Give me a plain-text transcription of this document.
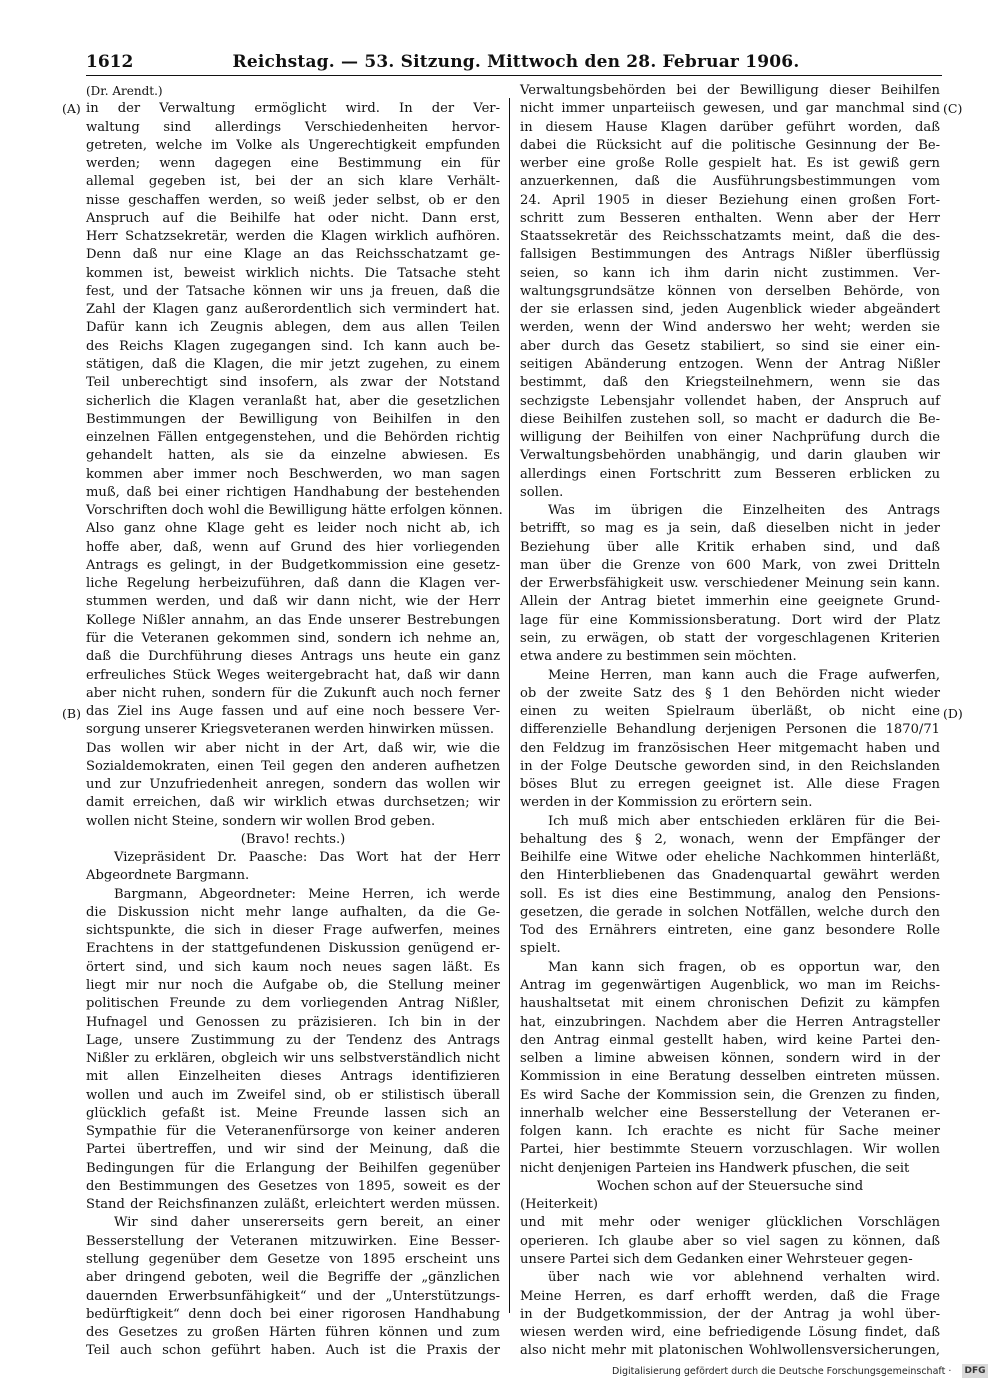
1612	Reichstag. — 53. Sitzung. Mittwoch den 28. Februar 1906.
(A)
(B)
(C)
(D)
(Dr. Arendt.)
in der Verwaltung ermöglicht wird. In der Ver-
waltung sind allerdings Verschiedenheiten hervor-
getreten, welche im Volke als Ungerechtigkeit empfunden
werden; wenn dagegen eine Bestimmung ein für
allemal gegeben ist, bei der an sich klare Verhält-
nisse geschaffen werden, so weiß jeder selbst, ob er den
Anspruch auf die Beihilfe hat oder nicht. Dann erst,
Herr Schatzsekretär, werden die Klagen wirklich aufhören.
Denn daß nur eine Klage an das Reichsschatzamt ge-
kommen ist, beweist wirklich nichts. Die Tatsache steht
fest, und der Tatsache können wir uns ja freuen, daß die
Zahl der Klagen ganz außerordentlich sich vermindert hat.
Dafür kann ich Zeugnis ablegen, dem aus allen Teilen
des Reichs Klagen zugegangen sind. Ich kann auch be-
stätigen, daß die Klagen, die mir jetzt zugehen, zu einem
Teil unberechtigt sind insofern, als zwar der Notstand
sicherlich die Klagen veranlaßt hat, aber die gesetzlichen
Bestimmungen der Bewilligung von Beihilfen in den
einzelnen Fällen entgegenstehen, und die Behörden richtig
gehandelt hatten, als sie da einzelne abwiesen. Es
kommen aber immer noch Beschwerden, wo man sagen
muß, daß bei einer richtigen Handhabung der bestehenden
Vorschriften doch wohl die Bewilligung hätte erfolgen können.
Also ganz ohne Klage geht es leider noch nicht ab, ich
hoffe aber, daß, wenn auf Grund des hier vorliegenden
Antrags es gelingt, in der Budgetkommission eine gesetz-
liche Regelung herbeizuführen, daß dann die Klagen ver-
stummen werden, und daß wir dann nicht, wie der Herr
Kollege Nißler annahm, an das Ende unserer Bestrebungen
für die Veteranen gekommen sind, sondern ich nehme an,
daß die Durchführung dieses Antrags uns heute ein ganz
erfreuliches Stück Weges weitergebracht hat, daß wir dann
aber nicht ruhen, sondern für die Zukunft auch noch ferner
das Ziel ins Auge fassen und auf eine noch bessere Ver-
sorgung unserer Kriegsveteranen werden hinwirken müssen.
Das wollen wir aber nicht in der Art, daß wir, wie die
Sozialdemokraten, einen Teil gegen den anderen aufhetzen
und zur Unzufriedenheit anregen, sondern das wollen wir
damit erreichen, daß wir wirklich etwas durchsetzen; wir
wollen nicht Steine, sondern wir wollen Brod geben.
(Bravo! rechts.)
Vizepräsident Dr. Paasche: Das Wort hat der Herr
Abgeordnete Bargmann.
Bargmann, Abgeordneter: Meine Herren, ich werde
die Diskussion nicht mehr lange aufhalten, da die Ge-
sichtspunkte, die sich in dieser Frage aufwerfen, meines
Erachtens in der stattgefundenen Diskussion genügend er-
örtert sind, und sich kaum noch neues sagen läßt. Es
liegt mir nur noch die Aufgabe ob, die Stellung meiner
politischen Freunde zu dem vorliegenden Antrag Nißler,
Hufnagel und Genossen zu präzisieren. Ich bin in der
Lage, unsere Zustimmung zu der Tendenz des Antrags
Nißler zu erklären, obgleich wir uns selbstverständlich nicht
mit allen Einzelheiten dieses Antrags identifizieren
wollen und auch im Zweifel sind, ob er stilistisch überall
glücklich gefaßt ist. Meine Freunde lassen sich an
Sympathie für die Veteranenfürsorge von keiner anderen
Partei übertreffen, und wir sind der Meinung, daß die
Bedingungen für die Erlangung der Beihilfen gegenüber
den Bestimmungen des Gesetzes von 1895, soweit es der
Stand der Reichsfinanzen zuläßt, erleichtert werden müssen.
Wir sind daher unsererseits gern bereit, an einer
Besserstellung der Veteranen mitzuwirken. Eine Besser-
stellung gegenüber dem Gesetze von 1895 erscheint uns
aber dringend geboten, weil die Begriffe der „gänzlichen
dauernden Erwerbsunfähigkeit“ und der „Unterstützungs-
bedürftigkeit“ denn doch bei einer rigorosen Handhabung
des Gesetzes zu großen Härten führen können und zum
Teil auch schon geführt haben. Auch ist die Praxis der
Verwaltungsbehörden bei der Bewilligung dieser Beihilfen
nicht immer unparteiisch gewesen, und gar manchmal sind
in diesem Hause Klagen darüber geführt worden, daß
dabei die Rücksicht auf die politische Gesinnung der Be-
werber eine große Rolle gespielt hat. Es ist gewiß gern
anzuerkennen, daß die Ausführungsbestimmungen vom
24. April 1905 in dieser Beziehung einen großen Fort-
schritt zum Besseren enthalten. Wenn aber der Herr
Staatssekretär des Reichsschatzamts meint, daß die des-
fallsigen Bestimmungen des Antrags Nißler überflüssig
seien, so kann ich ihm darin nicht zustimmen. Ver-
waltungsgrundsätze können von derselben Behörde, von
der sie erlassen sind, jeden Augenblick wieder abgeändert
werden, wenn der Wind anderswo her weht; werden sie
aber durch das Gesetz stabiliert, so sind sie einer ein-
seitigen Abänderung entzogen. Wenn der Antrag Nißler
bestimmt, daß den Kriegsteilnehmern, wenn sie das
sechzigste Lebensjahr vollendet haben, der Anspruch auf
diese Beihilfen zustehen soll, so macht er dadurch die Be-
willigung der Beihilfen von einer Nachprüfung durch die
Verwaltungsbehörden unabhängig, und darin glauben wir
allerdings einen Fortschritt zum Besseren erblicken zu
sollen.
Was im übrigen die Einzelheiten des Antrags
betrifft, so mag es ja sein, daß dieselben nicht in jeder
Beziehung über alle Kritik erhaben sind, und daß
man über die Grenze von 600 Mark, von zwei Dritteln
der Erwerbsfähigkeit usw. verschiedener Meinung sein kann.
Allein der Antrag bietet immerhin eine geeignete Grund-
lage für eine Kommissionsberatung. Dort wird der Platz
sein, zu erwägen, ob statt der vorgeschlagenen Kriterien
etwa andere zu bestimmen sein möchten.
Meine Herren, man kann auch die Frage aufwerfen,
ob der zweite Satz des § 1 den Behörden nicht wieder
einen zu weiten Spielraum überläßt, ob nicht eine
differenzielle Behandlung derjenigen Personen die 1870/71
den Feldzug im französischen Heer mitgemacht haben und
in der Folge Deutsche geworden sind, in den Reichslanden
böses Blut zu erregen geeignet ist. Alle diese Fragen
werden in der Kommission zu erörtern sein.
Ich muß mich aber entschieden erklären für die Bei-
behaltung des § 2, wonach, wenn der Empfänger der
Beihilfe eine Witwe oder eheliche Nachkommen hinterläßt,
den Hinterbliebenen das Gnadenquartal gewährt werden
soll. Es ist dies eine Bestimmung, analog den Pensions-
gesetzen, die gerade in solchen Notfällen, welche durch den
Tod des Ernährers eintreten, eine ganz besondere Rolle
spielt.
Man kann sich fragen, ob es opportun war, den
Antrag im gegenwärtigen Augenblick, wo man im Reichs-
haushaltsetat mit einem chronischen Defizit zu kämpfen
hat, einzubringen. Nachdem aber die Herren Antragsteller
den Antrag einmal gestellt haben, wird keine Partei den-
selben a limine abweisen können, sondern wird in der
Kommission in eine Beratung desselben eintreten müssen.
Es wird Sache der Kommission sein, die Grenzen zu finden,
innerhalb welcher eine Besserstellung der Veteranen er-
folgen kann. Ich erachte es nicht für Sache meiner
Partei, hier bestimmte Steuern vorzuschlagen. Wir wollen
nicht denjenigen Parteien ins Handwerk pfuschen, die seit
Wochen schon auf der Steuersuche sind
(Heiterkeit)
und mit mehr oder weniger glücklichen Vorschlägen
operieren. Ich glaube aber so viel sagen zu können, daß
unsere Partei sich dem Gedanken einer Wehrsteuer gegen-
über nach wie vor ablehnend verhalten wird.
Meine Herren, es darf erhofft werden, daß die Frage
in der Budgetkommission, der der Antrag ja wohl über-
wiesen werden wird, eine befriedigende Lösung findet, daß
also nicht mehr mit platonischen Wohlwollensversicherungen,
Digitalisierung gefördert durch die Deutsche Forschungsgemeinschaft · DFG
